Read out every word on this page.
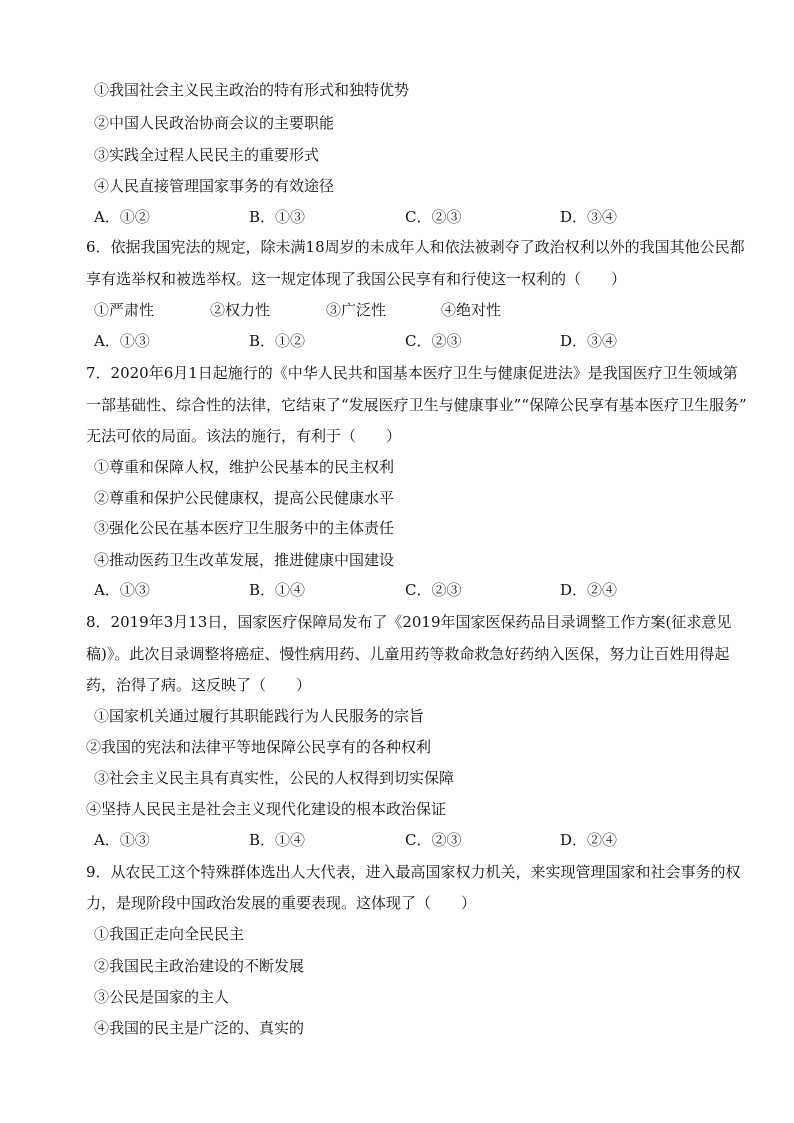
①我国社会主义民主政治的特有形式和独特优势
②中国人民政治协商会议的主要职能
③实践全过程人民民主的重要形式
④人民直接管理国家事务的有效途径
A．①②	B．①③	C．②③	D．③④
6．依据我国宪法的规定，除未满18周岁的未成年人和依法被剥夺了政治权利以外的我国其他公民都
享有选举权和被选举权。这一规定体现了我国公民享有和行使这一权利的（　　）
①严肃性	②权力性	③广泛性	④绝对性
A．①③	B．①②	C．②③	D．③④
7．2020年6月1日起施行的《中华人民共和国基本医疗卫生与健康促进法》是我国医疗卫生领域第
一部基础性、综合性的法律，它结束了“发展医疗卫生与健康事业”“保障公民享有基本医疗卫生服务”
无法可依的局面。该法的施行，有利于（　　）
①尊重和保障人权，维护公民基本的民主权利
②尊重和保护公民健康权，提高公民健康水平
③强化公民在基本医疗卫生服务中的主体责任
④推动医药卫生改革发展，推进健康中国建设
A．①③	B．①④	C．②③	D．②④
8．2019年3月13日，国家医疗保障局发布了《2019年国家医保药品目录调整工作方案(征求意见
稿)》。此次目录调整将癌症、慢性病用药、儿童用药等救命救急好药纳入医保，努力让百姓用得起
药，治得了病。这反映了（　　）
①国家机关通过履行其职能践行为人民服务的宗旨
②我国的宪法和法律平等地保障公民享有的各种权利
③社会主义民主具有真实性，公民的人权得到切实保障
④坚持人民民主是社会主义现代化建设的根本政治保证
A．①③	B．①④	C．②③	D．②④
9．从农民工这个特殊群体选出人大代表，进入最高国家权力机关，来实现管理国家和社会事务的权
力，是现阶段中国政治发展的重要表现。这体现了（　　）
①我国正走向全民民主
②我国民主政治建设的不断发展
③公民是国家的主人
④我国的民主是广泛的、真实的
